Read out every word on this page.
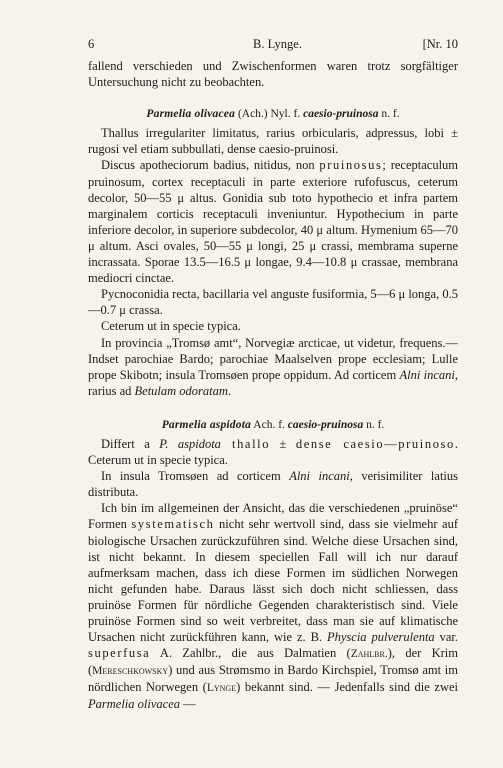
6	B. Lynge.	[Nr. 10

fallend verschieden und Zwischenformen waren trotz sorgfältiger Untersuchung nicht zu beobachten.

Parmelia olivacea (Ach.) Nyl. f. caesio-pruinosa n. f.

Thallus irregulariter limitatus, rarius orbicularis, adpressus, lobi ± rugosi vel etiam subbullati, dense caesio-pruinosi.

Discus apotheciorum badius, nitidus, non pruinosus; receptaculum pruinosum, cortex receptaculi in parte exteriore rufofuscus, ceterum decolor, 50—55 μ altus. Gonidia sub toto hypothecio et infra partem marginalem corticis receptaculi inveniuntur. Hypothecium in parte inferiore decolor, in superiore subdecolor, 40 μ altum. Hymenium 65—70 μ altum. Asci ovales, 50—55 μ longi, 25 μ crassi, membrama superne incrassata. Sporae 13.5—16.5 μ longae, 9.4—10.8 μ crassae, membrana mediocri cinctae.

Pycnoconidia recta, bacillaria vel anguste fusiformia, 5—6 μ longa, 0.5—0.7 μ crassa.

Ceterum ut in specie typica.

In provincia „Tromsø amt“, Norvegiæ arcticae, ut videtur, frequens.—Indset parochiae Bardo; parochiae Maalselven prope ecclesiam; Lulle prope Skibotn; insula Tromsøen prope oppidum. Ad corticem Alni incani, rarius ad Betulam odoratam.

Parmelia aspidota Ach. f. caesio-pruinosa n. f.

Differt a P. aspidota thallo ± dense caesio—pruinoso. Ceterum ut in specie typica.

In insula Tromsøen ad corticem Alni incani, verisimiliter latius distributa.

Ich bin im allgemeinen der Ansicht, das die verschiedenen „pruinöse“ Formen systematisch nicht sehr wertvoll sind, dass sie vielmehr auf biologische Ursachen zurückzuführen sind. Welche diese Ursachen sind, ist nicht bekannt. In diesem speciellen Fall will ich nur darauf aufmerksam machen, dass ich diese Formen im südlichen Norwegen nicht gefunden habe. Daraus lässt sich doch nicht schliessen, dass pruinöse Formen für nördliche Gegenden charakteristisch sind. Viele pruinöse Formen sind so weit verbreitet, dass man sie auf klimatische Ursachen nicht zurückführen kann, wie z. B. Physcia pulverulenta var. superfusa A. Zahlbr., die aus Dalmatien (Zahlbr.), der Krim (Mereschkowsky) und aus Strømsmo in Bardo Kirchspiel, Tromsø amt im nördlichen Norwegen (Lynge) bekannt sind. — Jedenfalls sind die zwei Parmelia olivacea —
